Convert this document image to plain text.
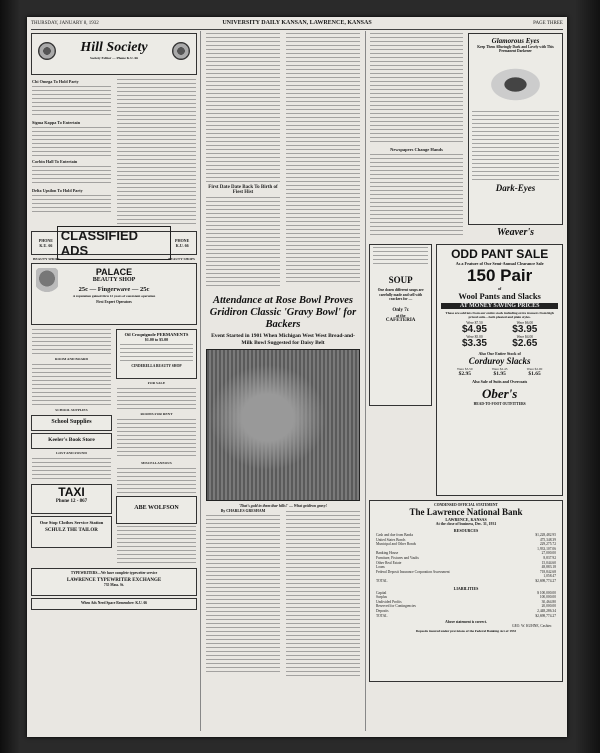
THURSDAY, JANUARY 8, 1932	UNIVERSITY DAILY KANSAN, LAWRENCE, KANSAS	PAGE THREE
Hill Society
Society Editor — Phone K.U. 66
Chi Omega To Hold Party
Sigma Kappa To Entertain
Corbin Hall To Entertain
Delta Upsilon To Hold Party
PHONE K.U. 66
CLASSIFIED ADS
PHONE K.U. 66
BEAUTY SHOPS	BEAUTY SHOPS
PALACE
BEAUTY SHOP
25c — Fingerwave — 25c
A reputation gained thru 12 years of consistent operation
First Expert Operators
ROOM AND BOARD
SCHOOL SUPPLIES
School Supplies
Keeler's Book Store
LOST AND FOUND
TAXI
Phone 12 - 867
One Stop Clothes Service Station
SCHULZ THE TAILOR
Oil Croquignole PERMANENTS
$1.00 to $5.00
CINDERELLA BEAUTY SHOP
FOR SALE
ROOMS FOR RENT
MISCELLANEOUS
ABE WOLFSON
TYPEWRITERS—We have complete typewriter service
LAWRENCE TYPEWRITER EXCHANGE
735 Mass. St.
When Ads Need Space Remember: K.U. 66
First Date Date Back To Birth of Fiest Hist
Attendance at Rose Bowl Proves Gridiron Classic 'Gravy Bowl' for Backers
Event Started in 1901 When Michigan West West Bread-and-Milk Bowl Suggested for Daisy Belt
'That's gold in them thar hills!' — What gridiron gravy!
By CHARLES GRESHAM
Newspapers Change Hands
Glamorous Eyes
Keep Them Alluringly Dark and Lovely with This Permanent Darkener
Dark-Eyes
Weaver's
SOUP
One dozen different soups are carefully made and sell with crackers for —
Only 7c
at the
CAFETERIA
ODD PANT SALE
As a Feature of Our Semi-Annual Clearance Sale
150 Pair
of
Wool Pants and Slacks
AT MONEY SAVING PRICES
These are odd lots from our entire stock including extra trousers from high priced suits—both pleated and plain styles.
Were $7.50
$4.95
Were $6.00
$3.95
Were $5.00
$3.35
Were $4.00
$2.65
Also Our Entire Stock of
Corduroy Slacks
Were $3.50
$2.95
Were $2.45
$1.95
Were $2.00
$1.65
Also Sale of Suits and Overcoats
Ober's
HEAD-TO-FOOT OUTFITTERS
CONDENSED OFFICIAL STATEMENT
The Lawrence National Bank
LAWRENCE, KANSAS
At the close of business, Dec. 31, 1931
RESOURCES
Cash and due from Banks	$1,228,482.95
United States Bonds	475,348.39
Municipal and Other Bonds	229,275.72
1,933,107.06
Banking House	27,000.00
Furniture, Fixtures and Vaults	8,837.92
Other Real Estate	15,044.60
Loans	48,883.18
Federal Deposit Insurance Corporation Assessment	718,842.68
1,058.47
TOTAL	$2,698,774.27
LIABILITIES
Capital	$ 100,000.00
Surplus	100,000.00
Undivided Profits	30,464.80
Reserved for Contingencies	20,000.00
Deposits	2,448,286.34
TOTAL	$2,698,774.27
Above statement is correct.
GEO. W. KUHNE, Cashier.
Deposits insured under provisions of the Federal Banking Act of 1933
